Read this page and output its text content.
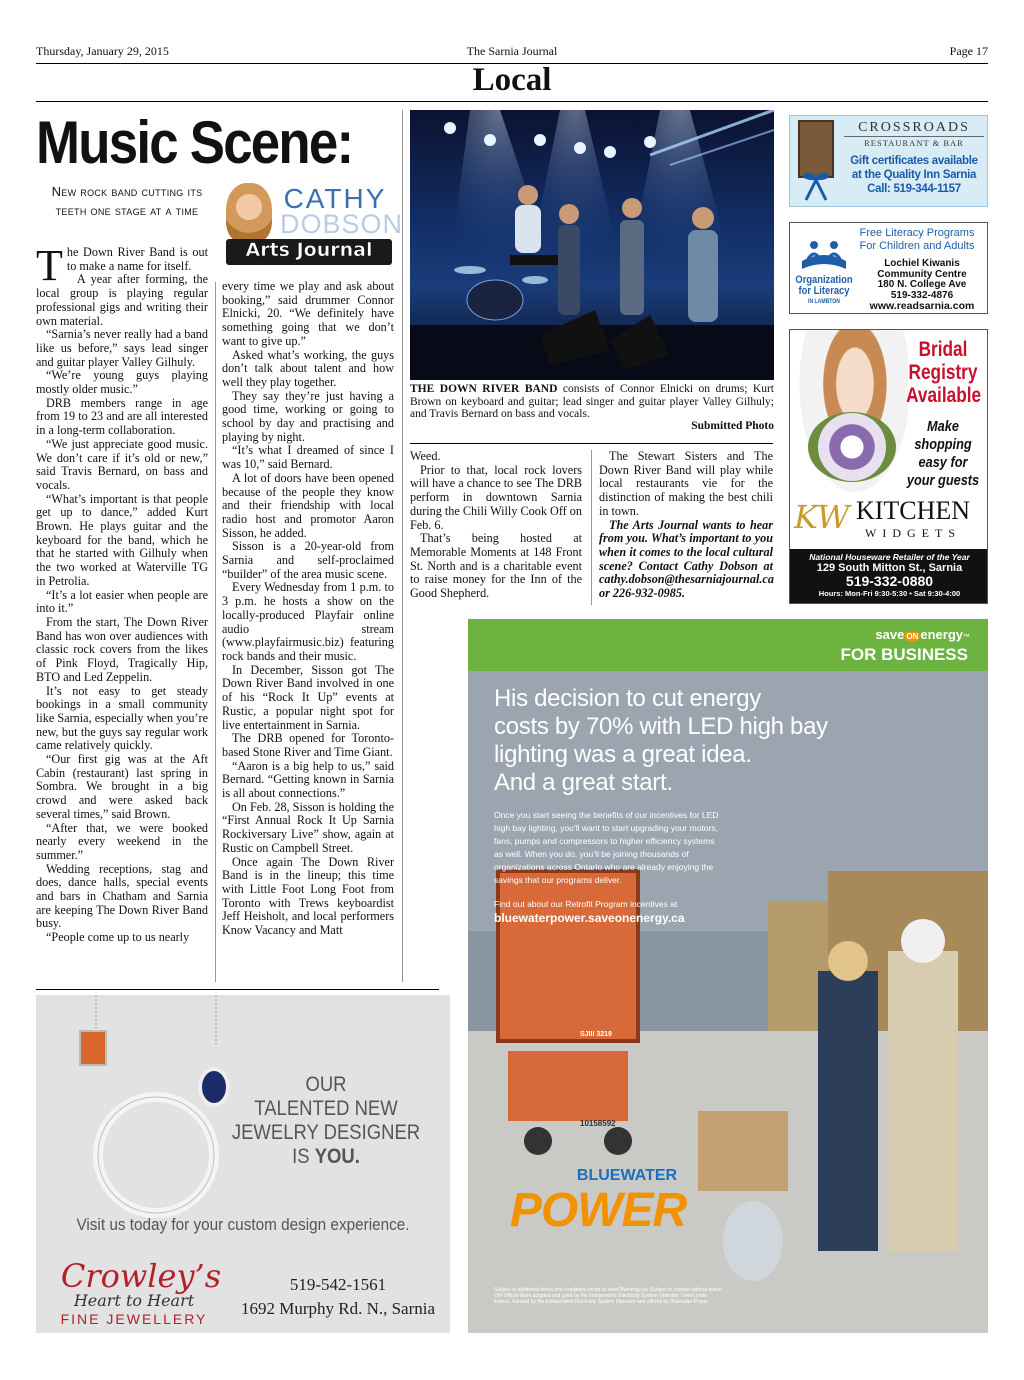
Thursday, January 29, 2015	The Sarnia Journal	Page 17
Local
Music Scene:
New rock band cutting its teeth one stage at a time	CATHY
DOBSON
Arts Journal

The Down River Band is out to make a name for itself.

A year after forming, the local group is playing regular professional gigs and writing their own material.

“Sarnia’s never really had a band like us before,” says lead singer and guitar player Valley Gilhuly.

“We’re young guys playing mostly older music.”

DRB members range in age from 19 to 23 and are all interested in a long-term collaboration.

“We just appreciate good music. We don’t care if it’s old or new,” said Travis Bernard, on bass and vocals.

“What’s important is that people get up to dance,” added Kurt Brown. He plays guitar and the keyboard for the band, which he that he started with Gilhuly when the two worked at Waterville TG in Petrolia.

“It’s a lot easier when people are into it.”

From the start, The Down River Band has won over audiences with classic rock covers from the likes of Pink Floyd, Tragically Hip, BTO and Led Zeppelin.

It’s not easy to get steady bookings in a small community like Sarnia, especially when you’re new, but the guys say regular work came relatively quickly.

“Our first gig was at the Aft Cabin (restaurant) last spring in Sombra. We brought in a big crowd and were asked back several times,” said Brown.

“After that, we were booked nearly every weekend in the summer.”

Wedding receptions, stag and does, dance halls, special events and bars in Chatham and Sarnia are keeping The Down River Band busy.

“People come up to us nearly

every time we play and ask about booking,” said drummer Connor Elnicki, 20. “We definitely have something going that we don’t want to give up.”

Asked what’s working, the guys don’t talk about talent and how well they play together.

They say they’re just having a good time, working or going to school by day and practising and playing by night.

“It’s what I dreamed of since I was 10,” said Bernard.

A lot of doors have been opened because of the people they know and their friendship with local radio host and promotor Aaron Sisson, he added.

Sisson is a 20-year-old from Sarnia and self-proclaimed “builder” of the area music scene.

Every Wednesday from 1 p.m. to 3 p.m. he hosts a show on the locally-produced Playfair online audio stream (www.playfairmusic.biz) featuring rock bands and their music.

In December, Sisson got The Down River Band involved in one of his “Rock It Up” events at Rustic, a popular night spot for live entertainment in Sarnia.

The DRB opened for Toronto-based Stone River and Time Giant.

“Aaron is a big help to us,” said Bernard. “Getting known in Sarnia is all about connections.”

On Feb. 28, Sisson is holding the “First Annual Rock It Up Sarnia Rockiversary Live” show, again at Rustic on Campbell Street.

Once again The Down River Band is in the lineup; this time with Little Foot Long Foot from Toronto with Trews keyboardist Jeff Heisholt, and local performers Know Vacancy and Matt

Weed.

Prior to that, local rock lovers will have a chance to see The DRB perform in downtown Sarnia during the Chili Willy Cook Off on Feb. 6.

That’s being hosted at Memorable Moments at 148 Front St. North and is a charitable event to raise money for the Inn of the Good Shepherd.

The Stewart Sisters and The Down River Band will play while local restaurants vie for the distinction of making the best chili in town.

The Arts Journal wants to hear from you. What’s important to you when it comes to the local cultural scene? Contact Cathy Dobson at cathy.dobson@thesarniajournal.ca or 226-932-0985.

THE DOWN RIVER BAND consists of Connor Elnicki on drums; Kurt Brown on keyboard and guitar; lead singer and guitar player Valley Gilhuly; and Travis Bernard on bass and vocals.
Submitted Photo
CROSSROADS
RESTAURANT & BAR
Gift certificates available
at the Quality Inn Sarnia
Call: 519-344-1157
Free Literacy Programs
For Children and Adults
Organization
for Literacy
IN LAMBTON
Lochiel Kiwanis
Community Centre
180 N. College Ave
519-332-4876
www.readsarnia.com
Bridal
Registry
Available
Make
shopping
easy for
your guests
KW KITCHEN
WIDGETS
National Houseware Retailer of the Year
129 South Mitton St., Sarnia
519-332-0880
Hours: Mon-Fri 9:30-5:30 • Sat 9:30-4:00
OUR
TALENTED NEW
JEWELRY DESIGNER
IS YOU.
Visit us today for your custom design experience.
Crowley’s
Heart to Heart
FINE JEWELLERY
519-542-1561
1692 Murphy Rd. N., Sarnia
save ON energy™
FOR BUSINESS
His decision to cut energy
costs by 70% with LED high bay
lighting was a great idea.
And a great start.
Once you start seeing the benefits of our incentives for LED high bay lighting, you’ll want to start upgrading your motors, fans, pumps and compressors to higher efficiency systems as well. When you do, you’ll be joining thousands of organizations across Ontario who are already enjoying the savings that our programs deliver.
Find out about our Retrofit Program incentives at
bluewaterpower.saveonenergy.ca
SJIII 3219
10158592
BLUEWATER
POWER
Subject to additional terms and conditions found at saveONenergy.ca. Subject to change without notice. OM Official Mark adopted and used by the Independent Electricity System Operator. Used under licence. Funded by the Independent Electricity System Operator and offered by Bluewater Power.
